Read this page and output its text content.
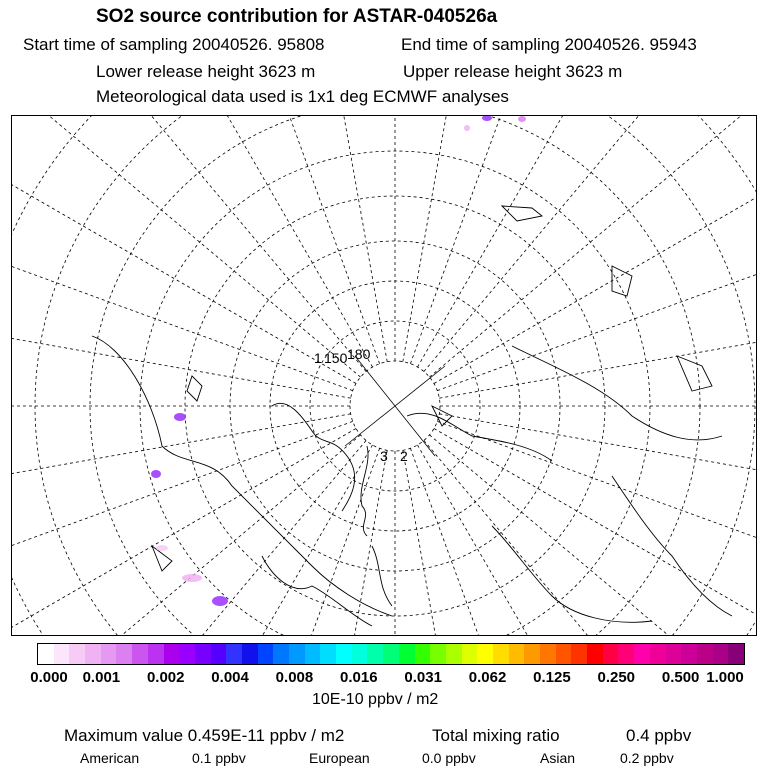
SO2 source contribution for ASTAR-040526a
Start time of sampling 20040526. 95808	End time of sampling 20040526. 95943
Lower release height 3623 m	Upper release height 3623 m
Meteorological data used is 1x1 deg ECMWF analyses
1 150 180
3 2
0.000 0.001 0.002 0.004 0.008 0.016 0.031 0.062 0.125 0.250 0.500 1.000
10E-10 ppbv / m2
Maximum value 0.459E-11 ppbv / m2	Total mixing ratio	0.4 ppbv
American	0.1 ppbv	European	0.0 ppbv	Asian	0.2 ppbv
